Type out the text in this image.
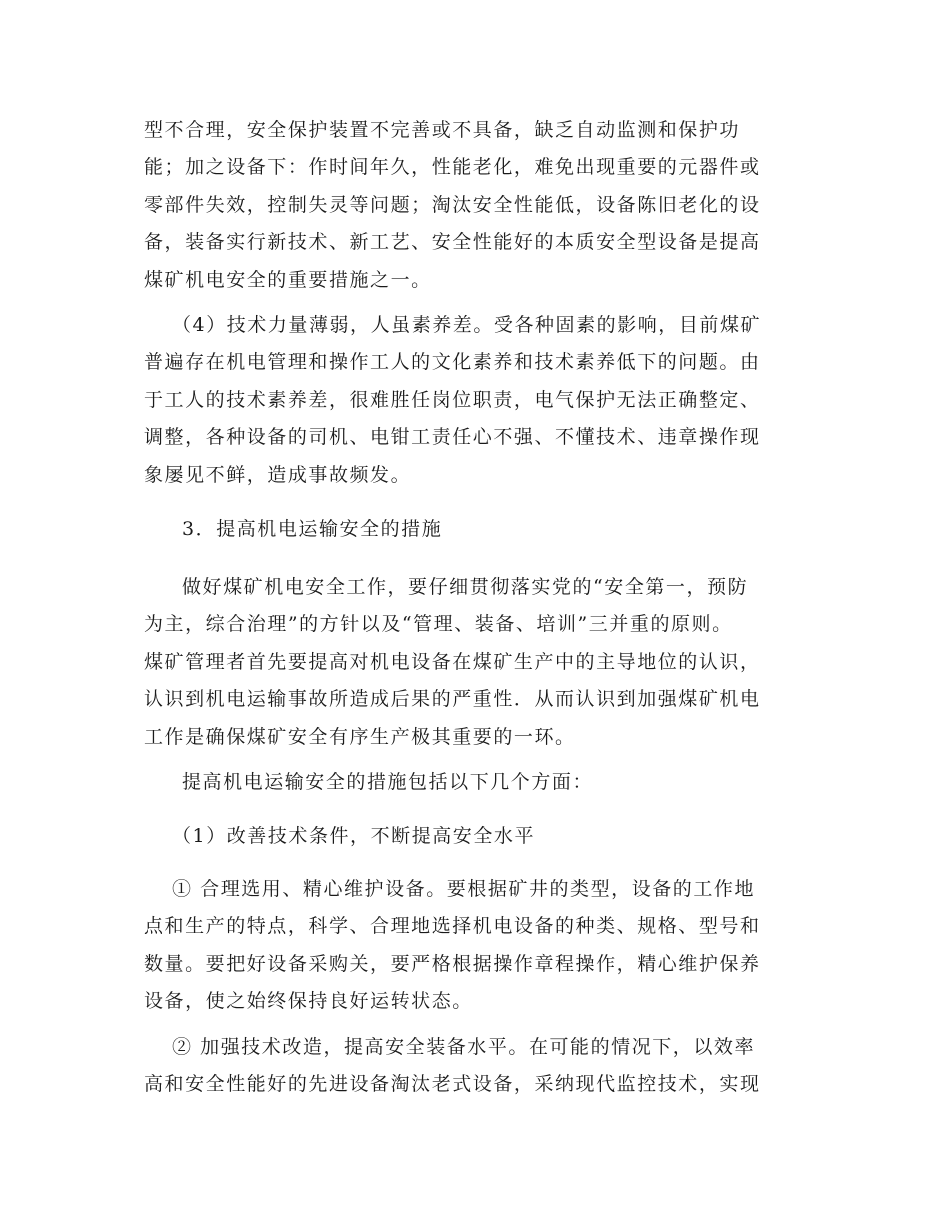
型不合理，安全保护装置不完善或不具备，缺乏自动监测和保护功
能；加之设备下：作时间年久，性能老化，难免出现重要的元器件或
零部件失效，控制失灵等问题；淘汰安全性能低，设备陈旧老化的设
备，装备实行新技术、新工艺、安全性能好的本质安全型设备是提高
煤矿机电安全的重要措施之一。
（4）技术力量薄弱，人虽素养差。受各种固素的影响，目前煤矿
普遍存在机电管理和操作工人的文化素养和技术素养低下的问题。由
于工人的技术素养差，很难胜任岗位职责，电气保护无法正确整定、
调整，各种设备的司机、电钳工责任心不强、不懂技术、违章操作现
象屡见不鲜，造成事故频发。
3．提高机电运输安全的措施
做好煤矿机电安全工作，要仔细贯彻落实党的“安全第一，预防
为主，综合治理”的方针以及“管理、装备、培训”三并重的原则。
煤矿管理者首先要提高对机电设备在煤矿生产中的主导地位的认识，
认识到机电运输事故所造成后果的严重性．从而认识到加强煤矿机电
工作是确保煤矿安全有序生产极其重要的一环。
提高机电运输安全的措施包括以下几个方面：
（1）改善技术条件，不断提高安全水平
① 合理选用、精心维护设备。要根据矿井的类型，设备的工作地
点和生产的特点，科学、合理地选择机电设备的种类、规格、型号和
数量。要把好设备采购关，要严格根据操作章程操作，精心维护保养
设备，使之始终保持良好运转状态。
② 加强技术改造，提高安全装备水平。在可能的情况下，以效率
高和安全性能好的先进设备淘汰老式设备，采纳现代监控技术，实现
